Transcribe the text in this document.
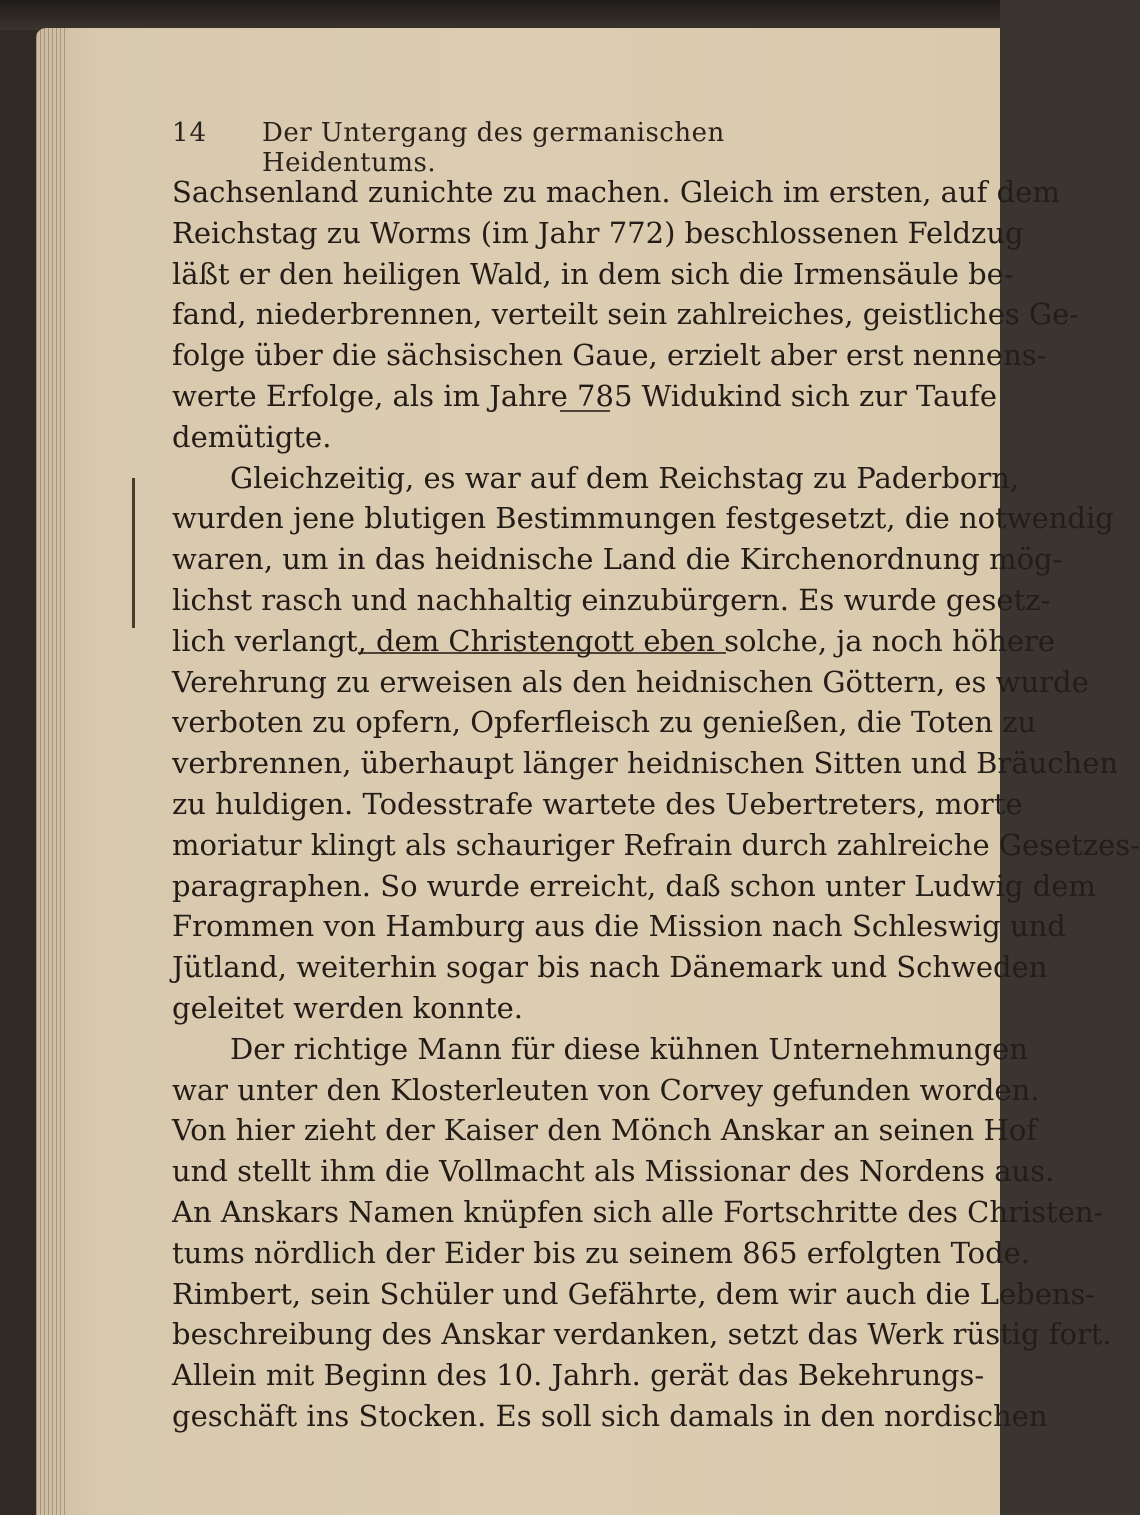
14 Der Untergang des germanischen Heidentums.
Sachsenland zunichte zu machen. Gleich im ersten, auf dem
Reichstag zu Worms (im Jahr 772) beschlossenen Feldzug
läßt er den heiligen Wald, in dem sich die Irmensäule be-
fand, niederbrennen, verteilt sein zahlreiches, geistliches Ge-
folge über die sächsischen Gaue, erzielt aber erst nennens-
werte Erfolge, als im Jahre 785 Widukind sich zur Taufe
demütigte.
Gleichzeitig, es war auf dem Reichstag zu Paderborn,
wurden jene blutigen Bestimmungen festgesetzt, die notwendig
waren, um in das heidnische Land die Kirchenordnung mög-
lichst rasch und nachhaltig einzubürgern. Es wurde gesetz-
lich verlangt, dem Christengott eben solche, ja noch höhere
Verehrung zu erweisen als den heidnischen Göttern, es wurde
verboten zu opfern, Opferfleisch zu genießen, die Toten zu
verbrennen, überhaupt länger heidnischen Sitten und Bräuchen
zu huldigen. Todesstrafe wartete des Uebertreters, morte
moriatur klingt als schauriger Refrain durch zahlreiche Gesetzes-
paragraphen. So wurde erreicht, daß schon unter Ludwig dem
Frommen von Hamburg aus die Mission nach Schleswig und
Jütland, weiterhin sogar bis nach Dänemark und Schweden
geleitet werden konnte.
Der richtige Mann für diese kühnen Unternehmungen
war unter den Klosterleuten von Corvey gefunden worden.
Von hier zieht der Kaiser den Mönch Anskar an seinen Hof
und stellt ihm die Vollmacht als Missionar des Nordens aus.
An Anskars Namen knüpfen sich alle Fortschritte des Christen-
tums nördlich der Eider bis zu seinem 865 erfolgten Tode.
Rimbert, sein Schüler und Gefährte, dem wir auch die Lebens-
beschreibung des Anskar verdanken, setzt das Werk rüstig fort.
Allein mit Beginn des 10. Jahrh. gerät das Bekehrungs-
geschäft ins Stocken. Es soll sich damals in den nordischen
